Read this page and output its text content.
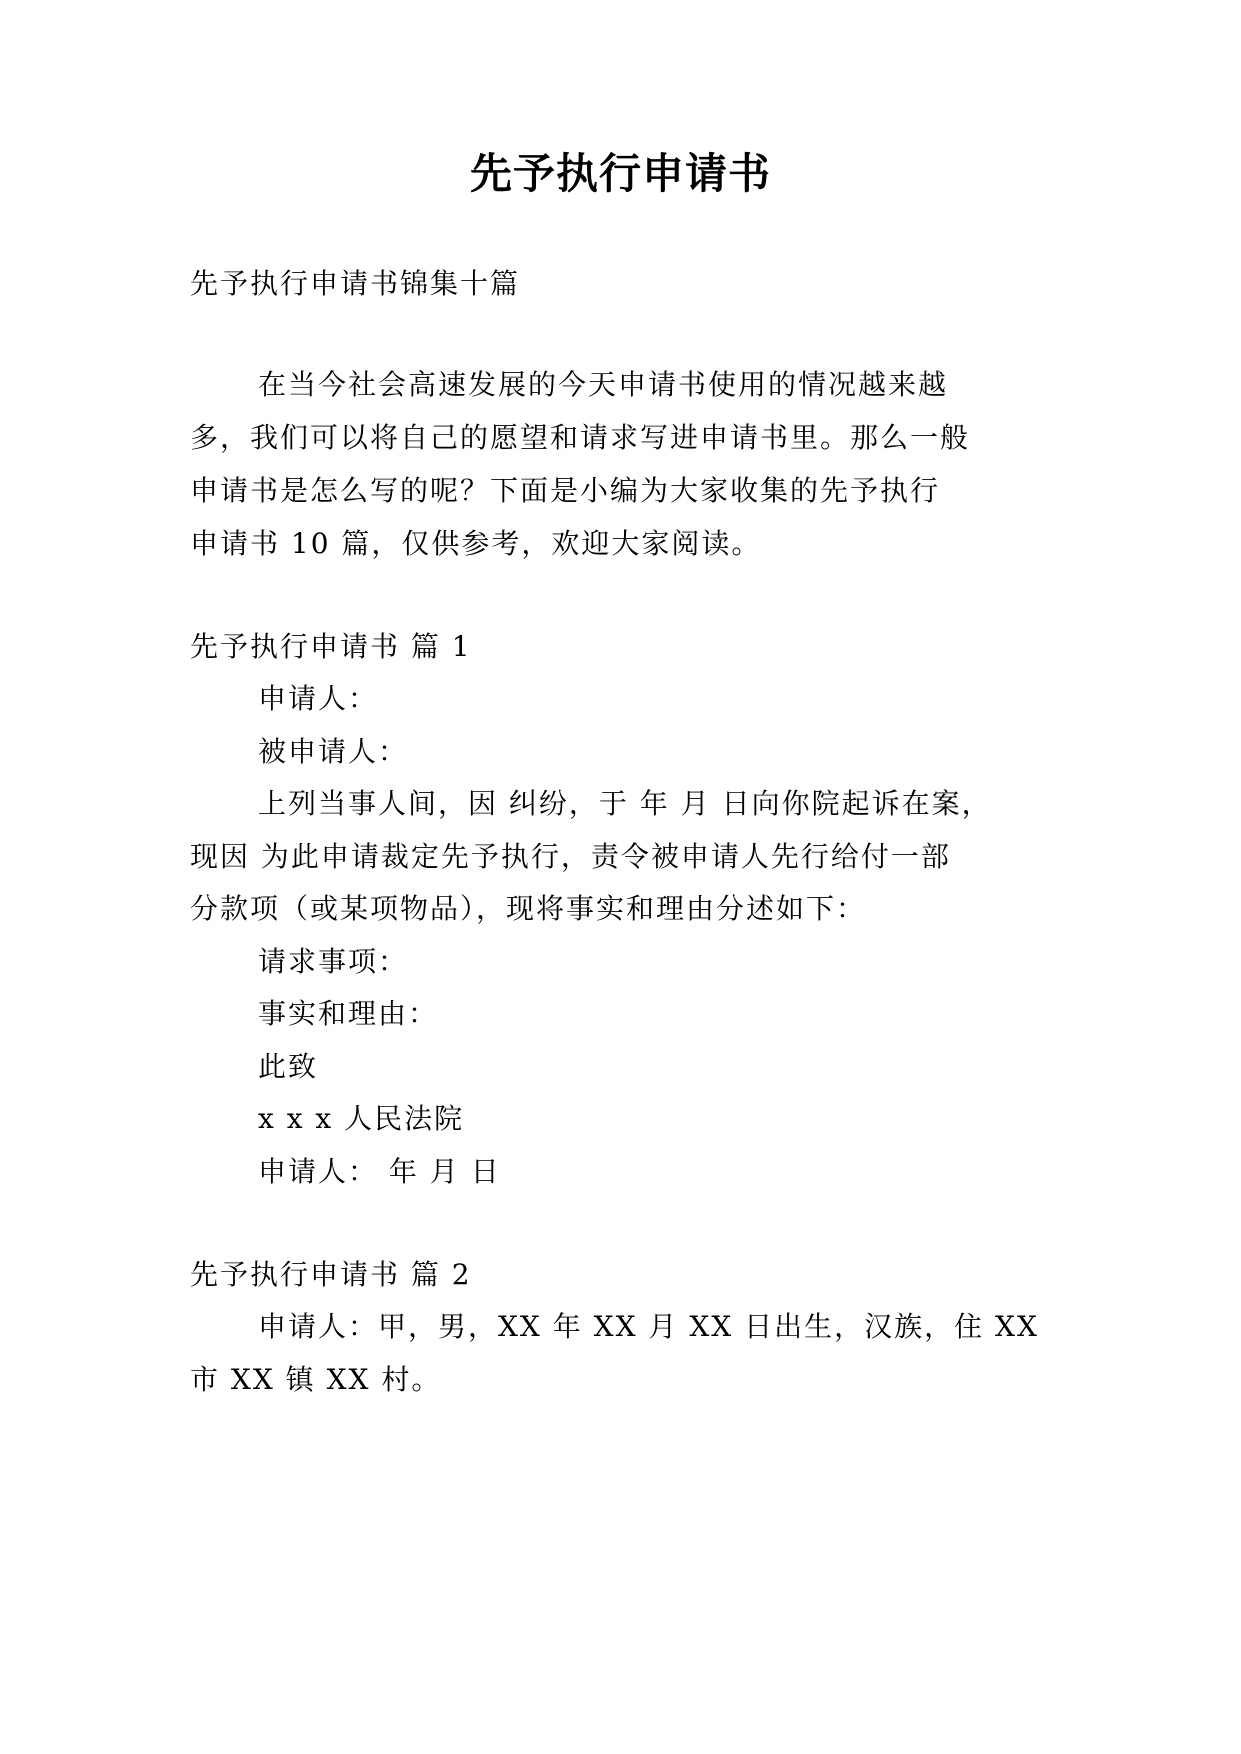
先予执行申请书
先予执行申请书锦集十篇
在当今社会高速发展的今天申请书使用的情况越来越
多，我们可以将自己的愿望和请求写进申请书里。那么一般
申请书是怎么写的呢？下面是小编为大家收集的先予执行
申请书 10 篇，仅供参考，欢迎大家阅读。
先予执行申请书 篇 1
申请人：
被申请人：
上列当事人间，因 纠纷，于 年 月 日向你院起诉在案，
现因 为此申请裁定先予执行，责令被申请人先行给付一部
分款项（或某项物品），现将事实和理由分述如下：
请求事项：
事实和理由：
此致
x x x 人民法院
申请人： 年 月 日
先予执行申请书 篇 2
申请人：甲，男，XX 年 XX 月 XX 日出生，汉族，住 XX
市 XX 镇 XX 村。
